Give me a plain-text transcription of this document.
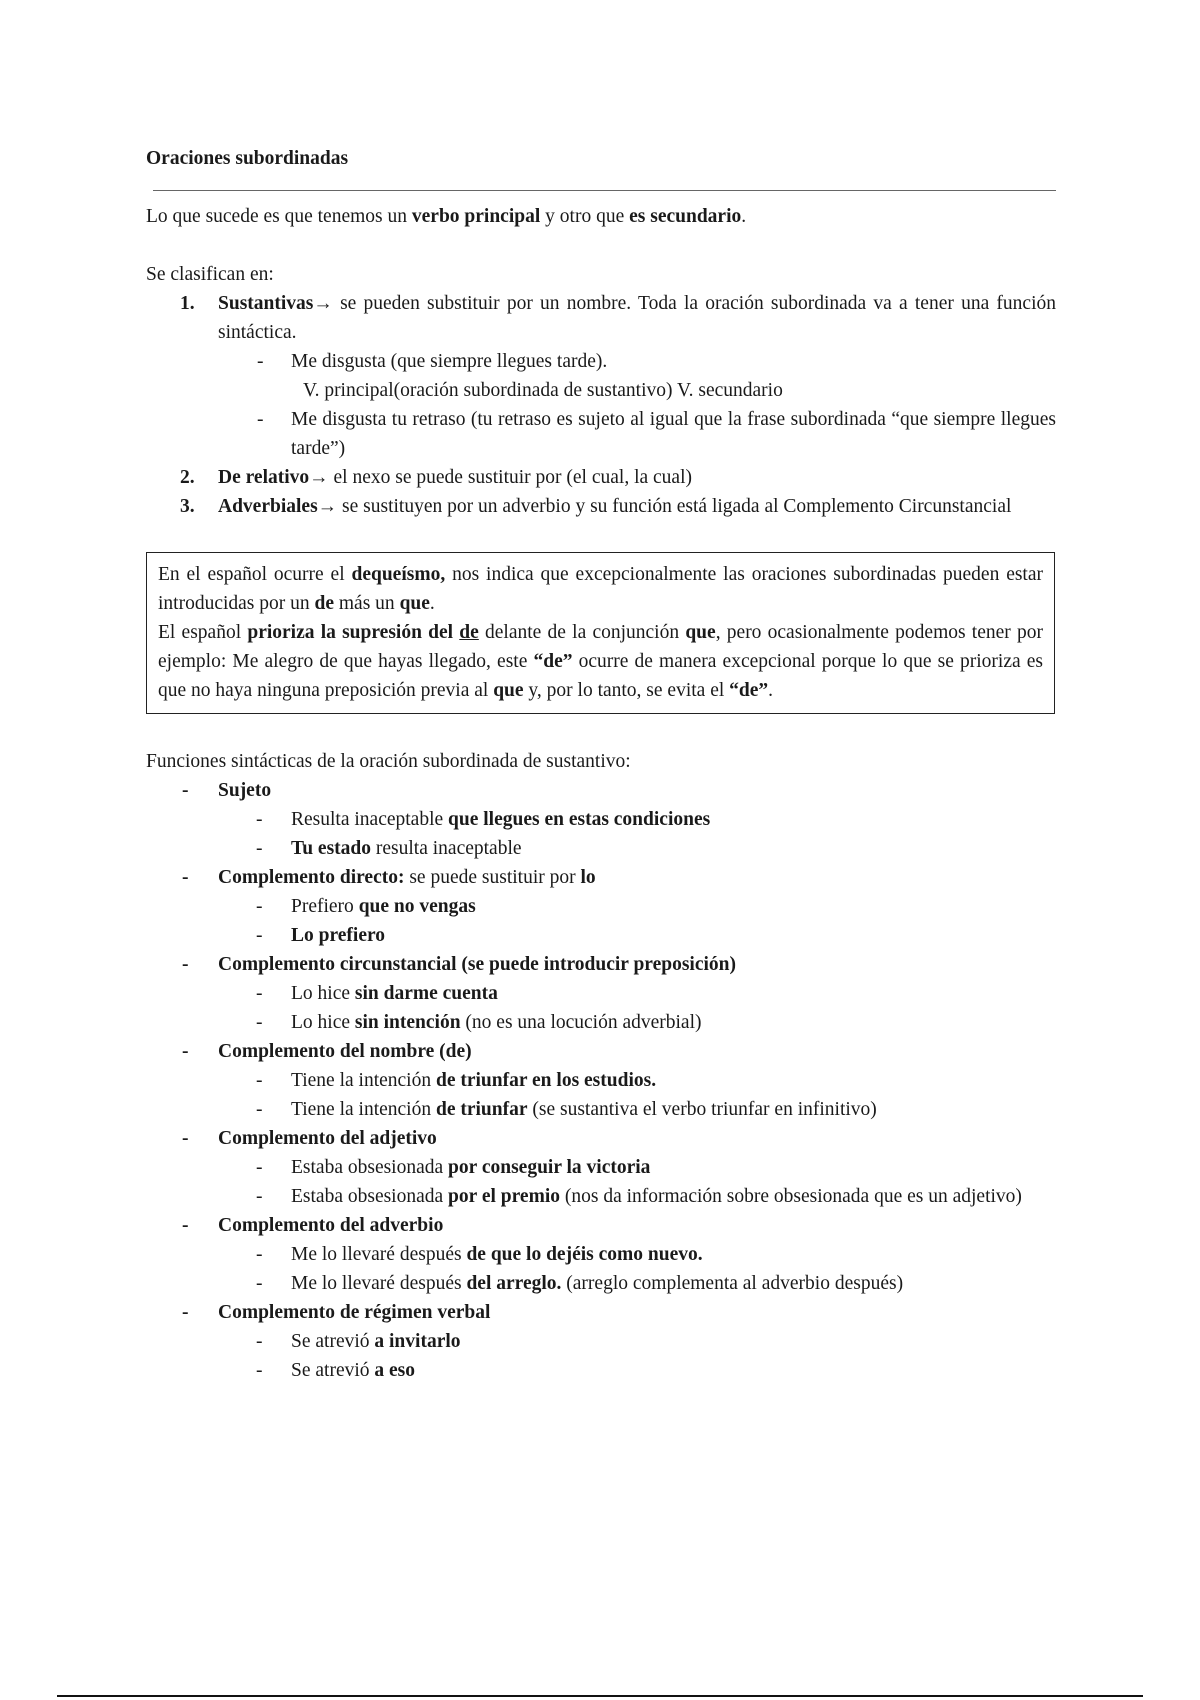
Oraciones subordinadas

Lo que sucede es que tenemos un verbo principal y otro que es secundario.

Se clasifican en:

1. Sustantivas→ se pueden substituir por un nombre. Toda la oración subordinada va a tener una función sintáctica.
- Me disgusta (que siempre llegues tarde).
V. principal(oración subordinada de sustantivo) V. secundario
- Me disgusta tu retraso (tu retraso es sujeto al igual que la frase subordinada “que siempre llegues tarde”)
2. De relativo→ el nexo se puede sustituir por (el cual, la cual)
3. Adverbiales→ se sustituyen por un adverbio y su función está ligada al Complemento Circunstancial

En el español ocurre el dequeísmo, nos indica que excepcionalmente las oraciones subordinadas pueden estar introducidas por un de más un que.

El español prioriza la supresión del de delante de la conjunción que, pero ocasionalmente podemos tener por ejemplo: Me alegro de que hayas llegado, este “de” ocurre de manera excepcional porque lo que se prioriza es que no haya ninguna preposición previa al que y, por lo tanto, se evita el “de”.

Funciones sintácticas de la oración subordinada de sustantivo:

- Sujeto
- Resulta inaceptable que llegues en estas condiciones
- Tu estado resulta inaceptable
- Complemento directo: se puede sustituir por lo
- Prefiero que no vengas
- Lo prefiero
- Complemento circunstancial (se puede introducir preposición)
- Lo hice sin darme cuenta
- Lo hice sin intención (no es una locución adverbial)
- Complemento del nombre (de)
- Tiene la intención de triunfar en los estudios.
- Tiene la intención de triunfar (se sustantiva el verbo triunfar en infinitivo)
- Complemento del adjetivo
- Estaba obsesionada por conseguir la victoria
- Estaba obsesionada por el premio (nos da información sobre obsesionada que es un adjetivo)
- Complemento del adverbio
- Me lo llevaré después de que lo dejéis como nuevo.
- Me lo llevaré después del arreglo. (arreglo complementa al adverbio después)
- Complemento de régimen verbal
- Se atrevió a invitarlo
- Se atrevió a eso
